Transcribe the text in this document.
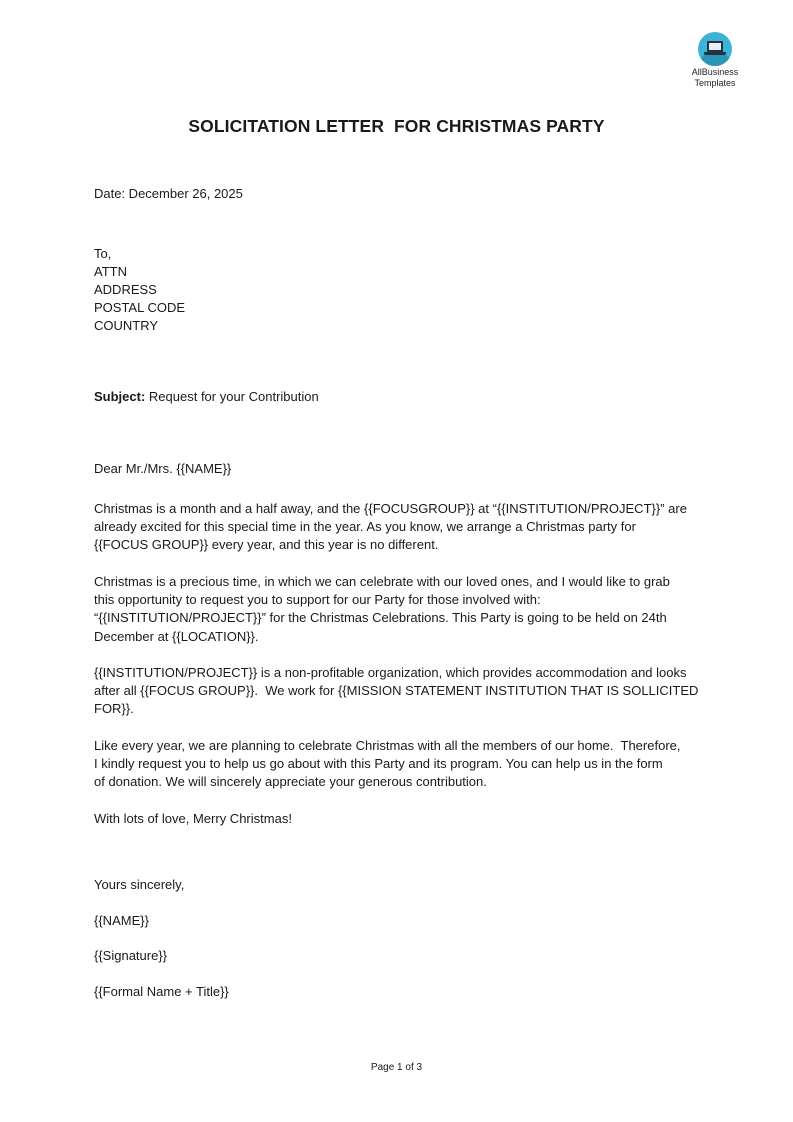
AllBusiness
Templates
SOLICITATION LETTER  FOR CHRISTMAS PARTY
Date: December 26, 2025
To,
ATTN
ADDRESS
POSTAL CODE
COUNTRY
Subject: Request for your Contribution
Dear Mr./Mrs. {{NAME}}
Christmas is a month and a half away, and the {{FOCUSGROUP}} at “{{INSTITUTION/PROJECT}}” are
already excited for this special time in the year. As you know, we arrange a Christmas party for
{{FOCUS GROUP}} every year, and this year is no different.
Christmas is a precious time, in which we can celebrate with our loved ones, and I would like to grab
this opportunity to request you to support for our Party for those involved with:
“{{INSTITUTION/PROJECT}}” for the Christmas Celebrations. This Party is going to be held on 24th
December at {{LOCATION}}.
{{INSTITUTION/PROJECT}} is a non-profitable organization, which provides accommodation and looks
after all {{FOCUS GROUP}}.  We work for {{MISSION STATEMENT INSTITUTION THAT IS SOLLICITED
FOR}}.
Like every year, we are planning to celebrate Christmas with all the members of our home.  Therefore,
I kindly request you to help us go about with this Party and its program. You can help us in the form
of donation. We will sincerely appreciate your generous contribution.
With lots of love, Merry Christmas!
Yours sincerely,
{{NAME}}
{{Signature}}
{{Formal Name + Title}}
Page 1 of 3
